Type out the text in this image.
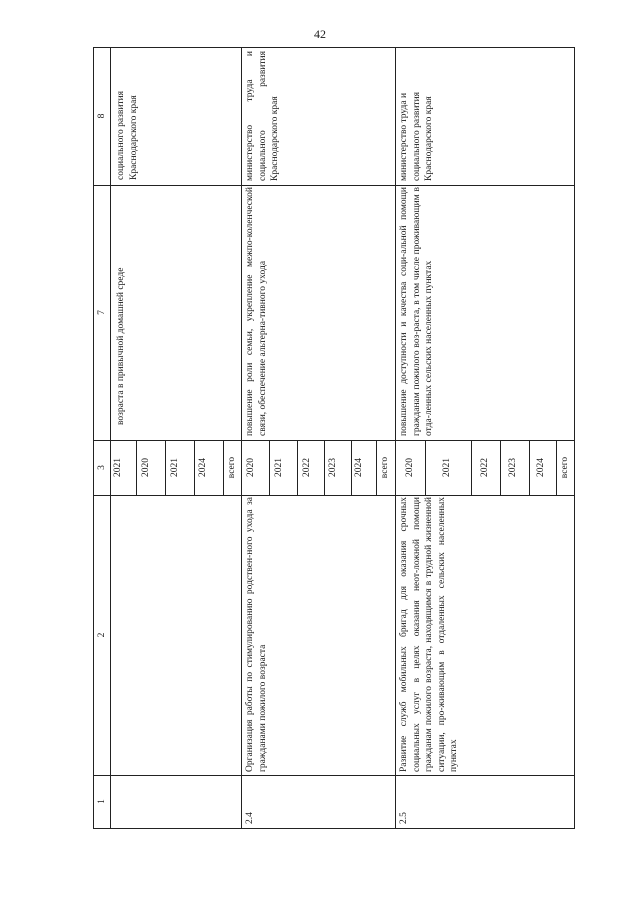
42
1
2
3
7
8
2021 2020 2021 2024 всего
возраста в привычной домашней среде
социального развития Краснодарского края
2.4
Организация работы по стимулированию родствен-ного ухода за гражданами пожилого возраста
2020 2021 2022 2023 2024 всего
повышение роли семьи, укрепление межпо-коленческой связи, обеспечение альтерна-тивного ухода
министерство труда и социального развития Краснодарского края
2.5
Развитие служб мобильных бригад для оказания срочных социальных услуг в целях оказания неот-ложной помощи гражданам пожилого возраста, находящимся в трудной жизненной ситуации, про-живающим в отдаленных сельских населенных пунктах
2020	2021	2022 2023 2024 всего
повышение доступности и качества соци-альной помощи гражданам пожилого воз-раста, в том числе проживающим в отда-ленных сельских населенных пунктах
министерство труда и социального развития Краснодарского края
